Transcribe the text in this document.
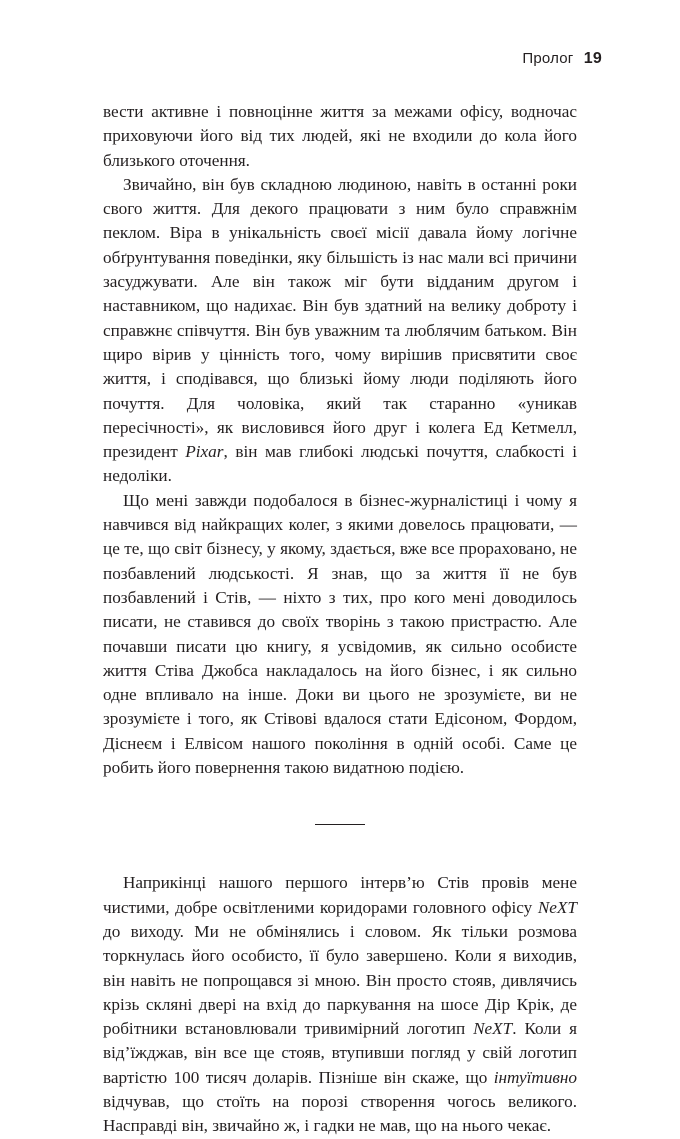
Пролог 19

вести активне і повноцінне життя за межами офісу, водночас приховуючи його від тих людей, які не входили до кола його близького оточення.

Звичайно, він був складною людиною, навіть в останні роки свого життя. Для декого працювати з ним було справжнім пеклом. Віра в унікальність своєї місії давала йому логічне обґрунтування поведінки, яку більшість із нас мали всі причини засуджувати. Але він також міг бути відданим другом і наставником, що надихає. Він був здатний на велику доброту і справжнє співчуття. Він був уважним та люблячим батьком. Він щиро вірив у цінність того, чому вирішив присвятити своє життя, і сподівався, що близькі йому люди поділяють його почуття. Для чоловіка, який так старанно «уникав пересічності», як висловився його друг і колега Ед Кетмелл, президент Pixar, він мав глибокі людські почуття, слабкості і недоліки.

Що мені завжди подобалося в бізнес-журналістиці і чому я навчився від найкращих колег, з якими довелось працювати, — це те, що світ бізнесу, у якому, здається, вже все прораховано, не позбавлений людськості. Я знав, що за життя її не був позбавлений і Стів, — ніхто з тих, про кого мені доводилось писати, не ставився до своїх творінь з такою пристрастю. Але почавши писати цю книгу, я усвідомив, як сильно особисте життя Стіва Джобса накладалось на його бізнес, і як сильно одне впливало на інше. Доки ви цього не зрозумієте, ви не зрозумієте і того, як Стівові вдалося стати Едісоном, Фордом, Діснеєм і Елвісом нашого покоління в одній особі. Саме це робить його повернення такою видатною подією.

Наприкінці нашого першого інтерв’ю Стів провів мене чистими, добре освітленими коридорами головного офісу NeXT до виходу. Ми не обмінялись і словом. Як тільки розмова торкнулась його особисто, її було завершено. Коли я виходив, він навіть не попрощався зі мною. Він просто стояв, дивлячись крізь скляні двері на вхід до паркування на шосе Дір Крік, де робітники встановлювали тривимірний логотип NeXT. Коли я від’їжджав, він все ще стояв, втупивши погляд у свій логотип вартістю 100 тисяч доларів. Пізніше він скаже, що інтуїтивно відчував, що стоїть на порозі створення чогось великого. Насправді він, звичайно ж, і гадки не мав, що на нього чекає.
